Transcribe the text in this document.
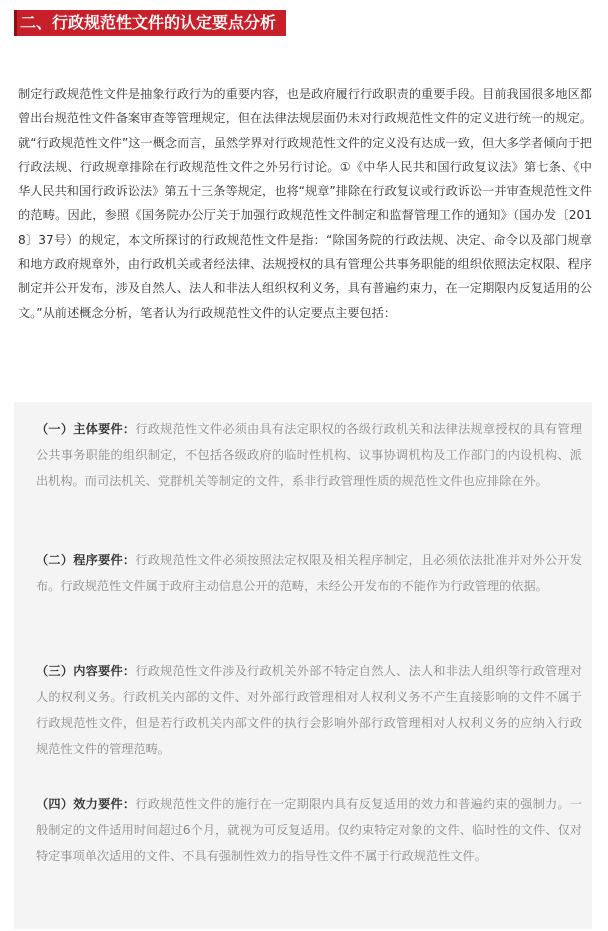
二、行政规范性文件的认定要点分析

制定行政规范性文件是抽象行政行为的重要内容，也是政府履行行政职责的重要手段。目前我国很多地区都曾出台规范性文件备案审查等管理规定，但在法律法规层面仍未对行政规范性文件的定义进行统一的规定。就“行政规范性文件”这一概念而言，虽然学界对行政规范性文件的定义没有达成一致，但大多学者倾向于把行政法规、行政规章排除在行政规范性文件之外另行讨论。①《中华人民共和国行政复议法》第七条、《中华人民共和国行政诉讼法》第五十三条等规定，也将“规章”排除在行政复议或行政诉讼一并审查规范性文件的范畴。因此，参照《国务院办公厅关于加强行政规范性文件制定和监督管理工作的通知》（国办发〔2018〕37号）的规定，本文所探讨的行政规范性文件是指：“除国务院的行政法规、决定、命令以及部门规章和地方政府规章外，由行政机关或者经法律、法规授权的具有管理公共事务职能的组织依照法定权限、程序制定并公开发布，涉及自然人、法人和非法人组织权利义务，具有普遍约束力，在一定期限内反复适用的公文。”从前述概念分析，笔者认为行政规范性文件的认定要点主要包括：

（一）主体要件：行政规范性文件必须由具有法定职权的各级行政机关和法律法规章授权的具有管理公共事务职能的组织制定，不包括各级政府的临时性机构、议事协调机构及工作部门的内设机构、派出机构。而司法机关、党群机关等制定的文件，系非行政管理性质的规范性文件也应排除在外。

（二）程序要件：行政规范性文件必须按照法定权限及相关程序制定，且必须依法批准并对外公开发布。行政规范性文件属于政府主动信息公开的范畴，未经公开发布的不能作为行政管理的依据。

（三）内容要件：行政规范性文件涉及行政机关外部不特定自然人、法人和非法人组织等行政管理对人的权利义务。行政机关内部的文件、对外部行政管理相对人权利义务不产生直接影响的文件不属于行政规范性文件，但是若行政机关内部文件的执行会影响外部行政管理相对人权利义务的应纳入行政规范性文件的管理范畴。

（四）效力要件：行政规范性文件的施行在一定期限内具有反复适用的效力和普遍约束的强制力。一般制定的文件适用时间超过6个月，就视为可反复适用。仅约束特定对象的文件、临时性的文件、仅对特定事项单次适用的文件、不具有强制性效力的指导性文件不属于行政规范性文件。
